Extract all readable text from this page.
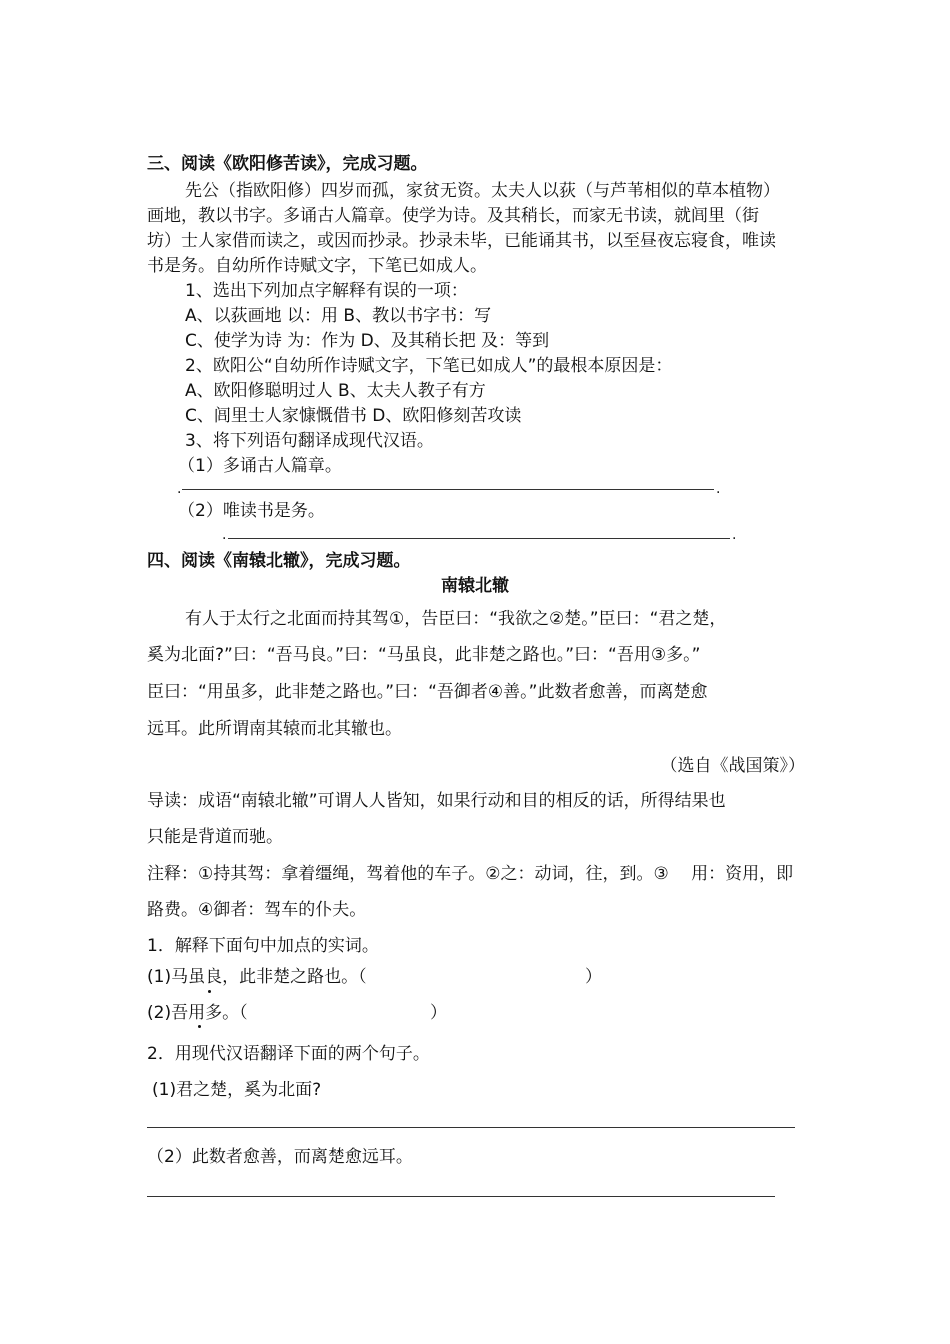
三、阅读《欧阳修苦读》，完成习题。
先公（指欧阳修）四岁而孤，家贫无资。太夫人以荻（与芦苇相似的草本植物）
画地，教以书字。多诵古人篇章。使学为诗。及其稍长，而家无书读，就闾里（街
坊）士人家借而读之，或因而抄录。抄录未毕，已能诵其书，以至昼夜忘寝食，唯读
书是务。自幼所作诗赋文字，下笔已如成人。
1、选出下列加点字解释有误的一项：
A、以荻画地 以：用 B、教以书字书：写
C、使学为诗 为：作为 D、及其稍长把 及：等到
2、欧阳公“自幼所作诗赋文字，下笔已如成人”的最根本原因是：
A、欧阳修聪明过人 B、太夫人教子有方
C、闾里士人家慷慨借书 D、欧阳修刻苦攻读
3、将下列语句翻译成现代汉语。
（1）多诵古人篇章。
.	.
（2）唯读书是务。
.	.
四、阅读《南辕北辙》，完成习题。
南辕北辙
有人于太行之北面而持其驾①，告臣曰：“我欲之②楚。”臣曰：“君之楚，
奚为北面?”曰：“吾马良。”曰：“马虽良，此非楚之路也。”曰：“吾用③多。”
臣曰：“用虽多，此非楚之路也。”曰：“吾御者④善。”此数者愈善，而离楚愈
远耳。此所谓南其辕而北其辙也。
（选自《战国策》）
导读：成语“南辕北辙”可谓人人皆知，如果行动和目的相反的话，所得结果也
只能是背道而驰。
注释：①持其驾：拿着缰绳，驾着他的车子。②之：动词，往，到。③　 用：资用，即
路费。④御者：驾车的仆夫。
1．解释下面句中加点的实词。
(1)马虽良，此非楚之路也。（	）
(2)吾用多。（	）
2．用现代汉语翻译下面的两个句子。
(1)君之楚，奚为北面?
（2）此数者愈善，而离楚愈远耳。
